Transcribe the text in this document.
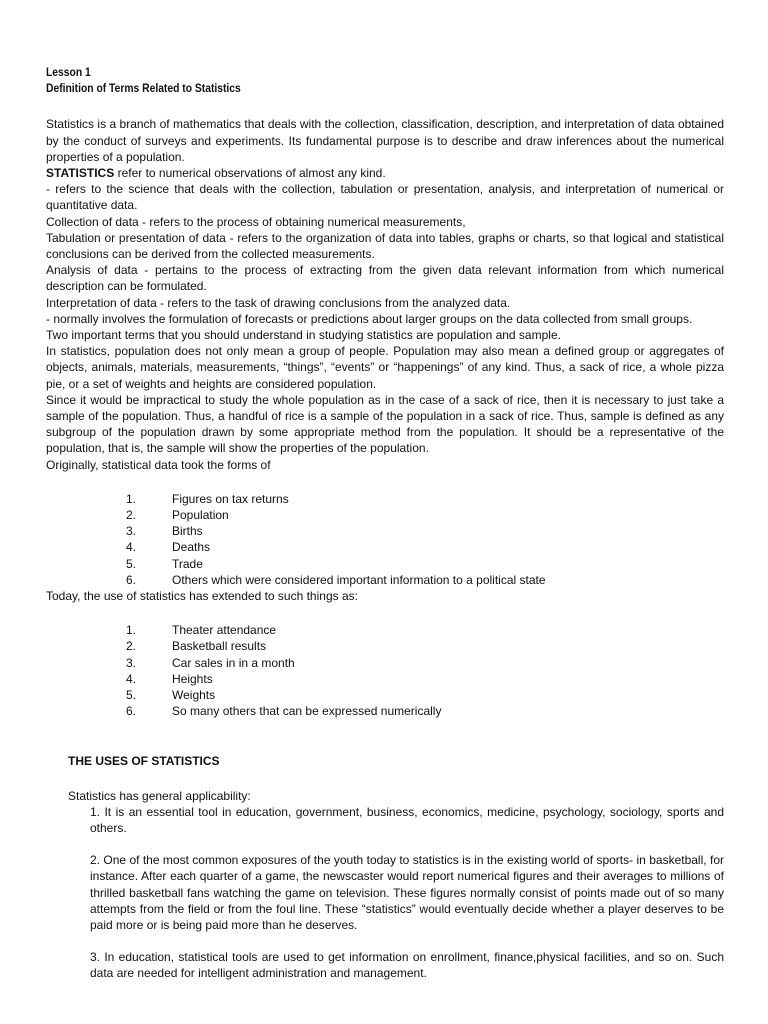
Lesson 1
Definition of Terms Related to Statistics

Statistics is a branch of mathematics that deals with the collection, classification, description, and interpretation of data obtained by the conduct of surveys and experiments. Its fundamental purpose is to describe and draw inferences about the numerical properties of a population.

STATISTICS refer to numerical observations of almost any kind.

- refers to the science that deals with the collection, tabulation or presentation, analysis, and interpretation of numerical or quantitative data.

Collection of data - refers to the process of obtaining numerical measurements,

Tabulation or presentation of data - refers to the organization of data into tables, graphs or charts, so that logical and statistical conclusions can be derived from the collected measurements.

Analysis of data - pertains to the process of extracting from the given data relevant information from which numerical description can be formulated.

Interpretation of data - refers to the task of drawing conclusions from the analyzed data.

- normally involves the formulation of forecasts or predictions about larger groups on the data collected from small groups.

Two important terms that you should understand in studying statistics are population and sample.

In statistics, population does not only mean a group of people. Population may also mean a defined group or aggregates of objects, animals, materials, measurements, “things”, “events” or “happenings” of any kind. Thus, a sack of rice, a whole pizza pie, or a set of weights and heights are considered population.

Since it would be impractical to study the whole population as in the case of a sack of rice, then it is necessary to just take a sample of the population. Thus, a handful of rice is a sample of the population in a sack of rice. Thus, sample is defined as any subgroup of the population drawn by some appropriate method from the population. It should be a representative of the population, that is, the sample will show the properties of the population.

Originally, statistical data took the forms of

1.	Figures on tax returns
2.	Population
3.	Births
4.	Deaths
5.	Trade
6.	Others which were considered important information to a political state

Today, the use of statistics has extended to such things as:

1.	Theater attendance
2.	Basketball results
3.	Car sales in in a month
4.	Heights
5.	Weights
6.	So many others that can be expressed numerically
THE USES OF STATISTICS

Statistics has general applicability:

1. It is an essential tool in education, government, business, economics, medicine, psychology, sociology, sports and others.

2. One of the most common exposures of the youth today to statistics is in the existing world of sports- in basketball, for instance. After each quarter of a game, the newscaster would report numerical figures and their averages to millions of thrilled basketball fans watching the game on television. These figures normally consist of points made out of so many attempts from the field or from the foul line. These “statistics” would eventually decide whether a player deserves to be paid more or is being paid more than he deserves.

3. In education, statistical tools are used to get information on enrollment, finance,physical facilities, and so on. Such data are needed for intelligent administration and management.
